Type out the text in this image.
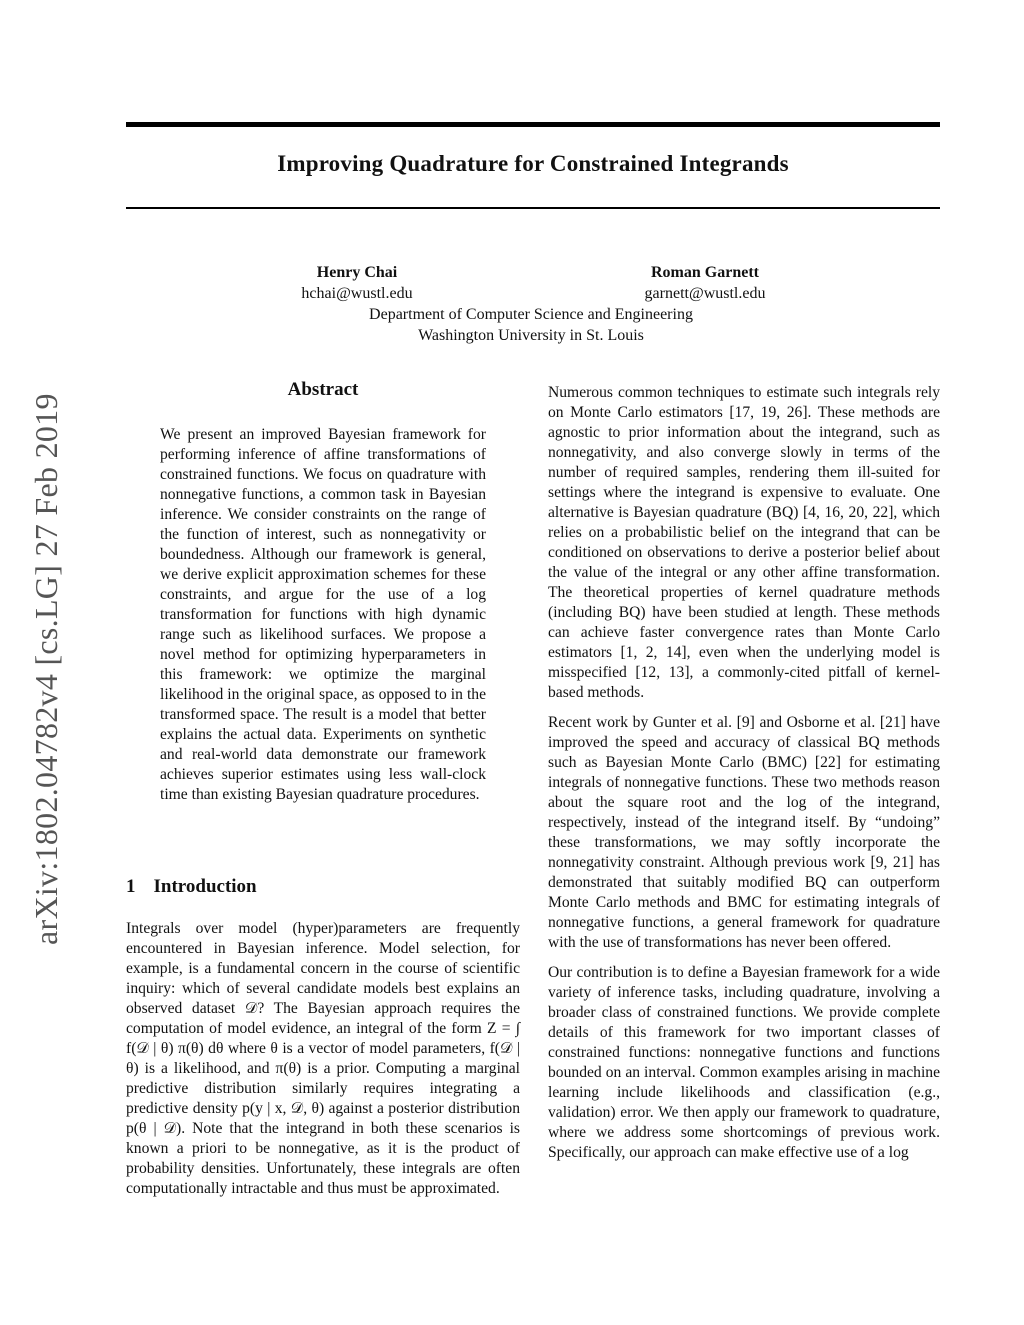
Improving Quadrature for Constrained Integrands
Henry Chai
hchai@wustl.edu
Roman Garnett
garnett@wustl.edu
Department of Computer Science and Engineering
Washington University in St. Louis
arXiv:1802.04782v4 [cs.LG] 27 Feb 2019
Abstract
We present an improved Bayesian framework for performing inference of affine transformations of constrained functions. We focus on quadrature with nonnegative functions, a common task in Bayesian inference. We consider constraints on the range of the function of interest, such as nonnegativity or boundedness. Although our framework is general, we derive explicit approximation schemes for these constraints, and argue for the use of a log transformation for functions with high dynamic range such as likelihood surfaces. We propose a novel method for optimizing hyperparameters in this framework: we optimize the marginal likelihood in the original space, as opposed to in the transformed space. The result is a model that better explains the actual data. Experiments on synthetic and real-world data demonstrate our framework achieves superior estimates using less wall-clock time than existing Bayesian quadrature procedures.
1 Introduction
Integrals over model (hyper)parameters are frequently encountered in Bayesian inference. Model selection, for example, is a fundamental concern in the course of scientific inquiry: which of several candidate models best explains an observed dataset 𝒟? The Bayesian approach requires the computation of model evidence, an integral of the form Z = ∫ f(𝒟 | θ) π(θ) dθ where θ is a vector of model parameters, f(𝒟 | θ) is a likelihood, and π(θ) is a prior. Computing a marginal predictive distribution similarly requires integrating a predictive density p(y | x, 𝒟, θ) against a posterior distribution p(θ | 𝒟). Note that the integrand in both these scenarios is known a priori to be nonnegative, as it is the product of probability densities. Unfortunately, these integrals are often computationally intractable and thus must be approximated.

Numerous common techniques to estimate such integrals rely on Monte Carlo estimators [17, 19, 26]. These methods are agnostic to prior information about the integrand, such as nonnegativity, and also converge slowly in terms of the number of required samples, rendering them ill-suited for settings where the integrand is expensive to evaluate. One alternative is Bayesian quadrature (BQ) [4, 16, 20, 22], which relies on a probabilistic belief on the integrand that can be conditioned on observations to derive a posterior belief about the value of the integral or any other affine transformation. The theoretical properties of kernel quadrature methods (including BQ) have been studied at length. These methods can achieve faster convergence rates than Monte Carlo estimators [1, 2, 14], even when the underlying model is misspecified [12, 13], a commonly-cited pitfall of kernel-based methods.

Recent work by Gunter et al. [9] and Osborne et al. [21] have improved the speed and accuracy of classical BQ methods such as Bayesian Monte Carlo (BMC) [22] for estimating integrals of nonnegative functions. These two methods reason about the square root and the log of the integrand, respectively, instead of the integrand itself. By “undoing” these transformations, we may softly incorporate the nonnegativity constraint. Although previous work [9, 21] has demonstrated that suitably modified BQ can outperform Monte Carlo methods and BMC for estimating integrals of nonnegative functions, a general framework for quadrature with the use of transformations has never been offered.

Our contribution is to define a Bayesian framework for a wide variety of inference tasks, including quadrature, involving a broader class of constrained functions. We provide complete details of this framework for two important classes of constrained functions: nonnegative functions and functions bounded on an interval. Common examples arising in machine learning include likelihoods and classification (e.g., validation) error. We then apply our framework to quadrature, where we address some shortcomings of previous work. Specifically, our approach can make effective use of a log
